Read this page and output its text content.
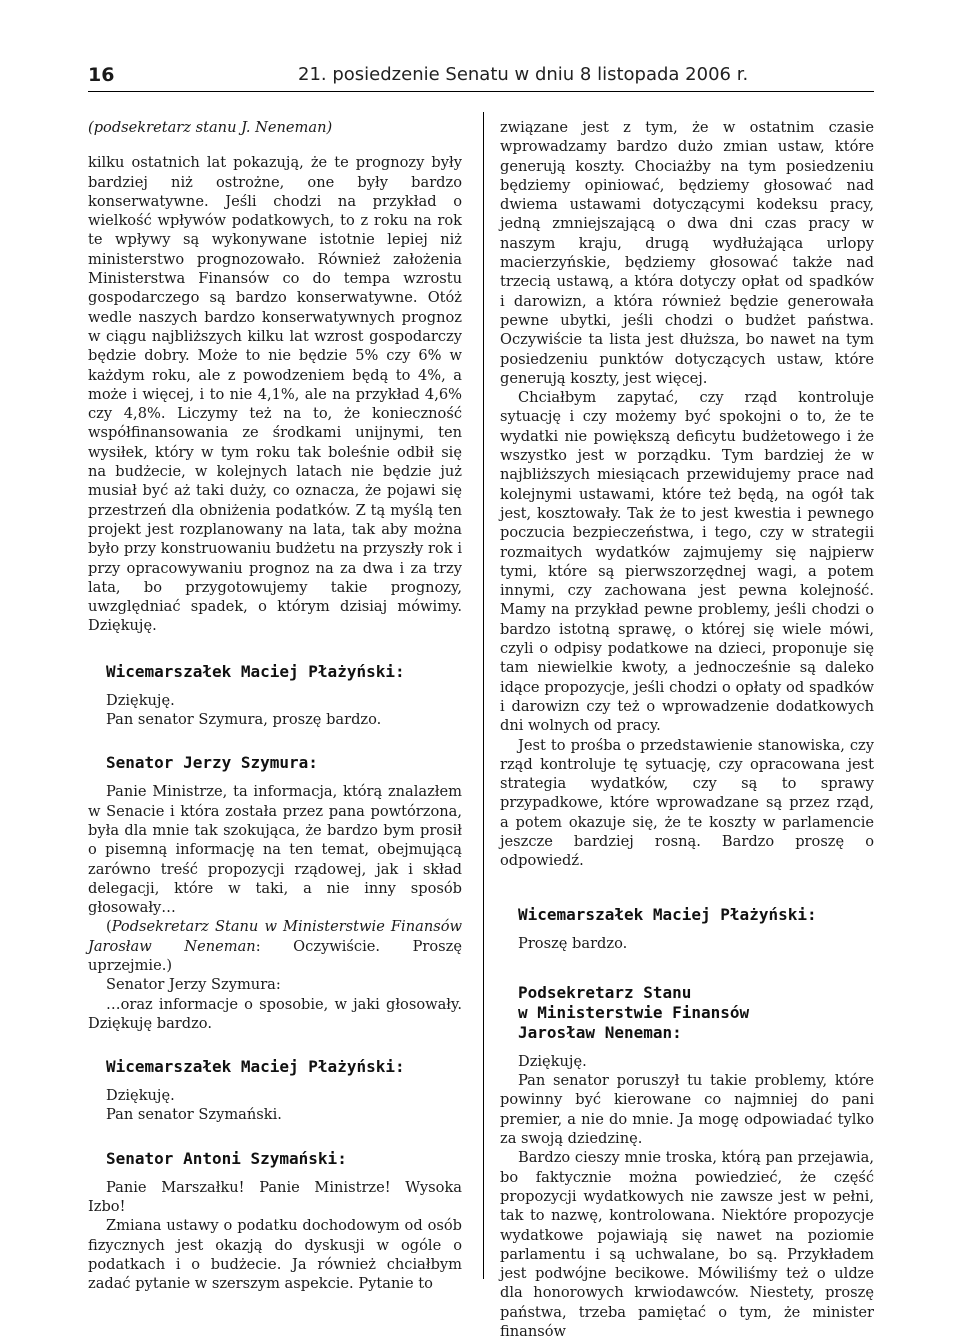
16	21. posiedzenie Senatu w dniu 8 listopada 2006 r.

(podsekretarz stanu J. Neneman)

kilku ostatnich lat pokazują, że te prognozy były bardziej niż ostrożne, one były bardzo konserwatywne. Jeśli chodzi na przykład o wielkość wpływów podatkowych, to z roku na rok te wpływy są wykonywane istotnie lepiej niż ministerstwo prognozowało. Również założenia Ministerstwa Finansów co do tempa wzrostu gospodarczego są bardzo konserwatywne. Otóż wedle naszych bardzo konserwatywnych prognoz w ciągu najbliższych kilku lat wzrost gospodarczy będzie dobry. Może to nie będzie 5% czy 6% w każdym roku, ale z powodzeniem będą to 4%, a może i więcej, i to nie 4,1%, ale na przykład 4,6% czy 4,8%. Liczymy też na to, że konieczność współfinansowania ze środkami unijnymi, ten wysiłek, który w tym roku tak boleśnie odbił się na budżecie, w kolejnych latach nie będzie już musiał być aż taki duży, co oznacza, że pojawi się przestrzeń dla obniżenia podatków. Z tą myślą ten projekt jest rozplanowany na lata, tak aby można było przy konstruowaniu budżetu na przyszły rok i przy opracowywaniu prognoz na za dwa i za trzy lata, bo przygotowujemy takie prognozy, uwzględniać spadek, o którym dzisiaj mówimy. Dziękuję.

Wicemarszałek Maciej Płażyński:

Dziękuję.

Pan senator Szymura, proszę bardzo.

Senator Jerzy Szymura:

Panie Ministrze, ta informacja, którą znalazłem w Senacie i która została przez pana powtórzona, była dla mnie tak szokująca, że bardzo bym prosił o pisemną informację na ten temat, obejmującą zarówno treść propozycji rządowej, jak i skład delegacji, które w taki, a nie inny sposób głosowały…

(Podsekretarz Stanu w Ministerstwie Finansów Jarosław Neneman: Oczywiście. Proszę uprzejmie.)

Senator Jerzy Szymura:

…oraz informacje o sposobie, w jaki głosowały. Dziękuję bardzo.

Wicemarszałek Maciej Płażyński:

Dziękuję.

Pan senator Szymański.

Senator Antoni Szymański:

Panie Marszałku! Panie Ministrze! Wysoka Izbo!

Zmiana ustawy o podatku dochodowym od osób fizycznych jest okazją do dyskusji w ogóle o podatkach i o budżecie. Ja również chciałbym zadać pytanie w szerszym aspekcie. Pytanie to

związane jest z tym, że w ostatnim czasie wprowadzamy bardzo dużo zmian ustaw, które generują koszty. Chociażby na tym posiedzeniu będziemy opiniować, będziemy głosować nad dwiema ustawami dotyczącymi kodeksu pracy, jedną zmniejszającą o dwa dni czas pracy w naszym kraju, drugą wydłużająca urlopy macierzyńskie, będziemy głosować także nad trzecią ustawą, a która dotyczy opłat od spadków i darowizn, a która również będzie generowała pewne ubytki, jeśli chodzi o budżet państwa. Oczywiście ta lista jest dłuższa, bo nawet na tym posiedzeniu punktów dotyczących ustaw, które generują koszty, jest więcej.

Chciałbym zapytać, czy rząd kontroluje sytuację i czy możemy być spokojni o to, że te wydatki nie powiększą deficytu budżetowego i że wszystko jest w porządku. Tym bardziej że w najbliższych miesiącach przewidujemy prace nad kolejnymi ustawami, które też będą, na ogół tak jest, kosztowały. Tak że to jest kwestia i pewnego poczucia bezpieczeństwa, i tego, czy w strategii rozmaitych wydatków zajmujemy się najpierw tymi, które są pierwszorzędnej wagi, a potem innymi, czy zachowana jest pewna kolejność. Mamy na przykład pewne problemy, jeśli chodzi o bardzo istotną sprawę, o której się wiele mówi, czyli o odpisy podatkowe na dzieci, proponuje się tam niewielkie kwoty, a jednocześnie są daleko idące propozycje, jeśli chodzi o opłaty od spadków i darowizn czy też o wprowadzenie dodatkowych dni wolnych od pracy.

Jest to prośba o przedstawienie stanowiska, czy rząd kontroluje tę sytuację, czy opracowana jest strategia wydatków, czy są to sprawy przypadkowe, które wprowadzane są przez rząd, a potem okazuje się, że te koszty w parlamencie jeszcze bardziej rosną. Bardzo proszę o odpowiedź.

Wicemarszałek Maciej Płażyński:

Proszę bardzo.

Podsekretarz Stanu
w Ministerstwie Finansów
Jarosław Neneman:

Dziękuję.

Pan senator poruszył tu takie problemy, które powinny być kierowane co najmniej do pani premier, a nie do mnie. Ja mogę odpowiadać tylko za swoją dziedzinę.

Bardzo cieszy mnie troska, którą pan przejawia, bo faktycznie można powiedzieć, że część propozycji wydatkowych nie zawsze jest w pełni, tak to nazwę, kontrolowana. Niektóre propozycje wydatkowe pojawiają się nawet na poziomie parlamentu i są uchwalane, bo są. Przykładem jest podwójne becikowe. Mówiliśmy też o uldze dla honorowych krwiodawców. Niestety, proszę państwa, trzeba pamiętać o tym, że minister finansów
